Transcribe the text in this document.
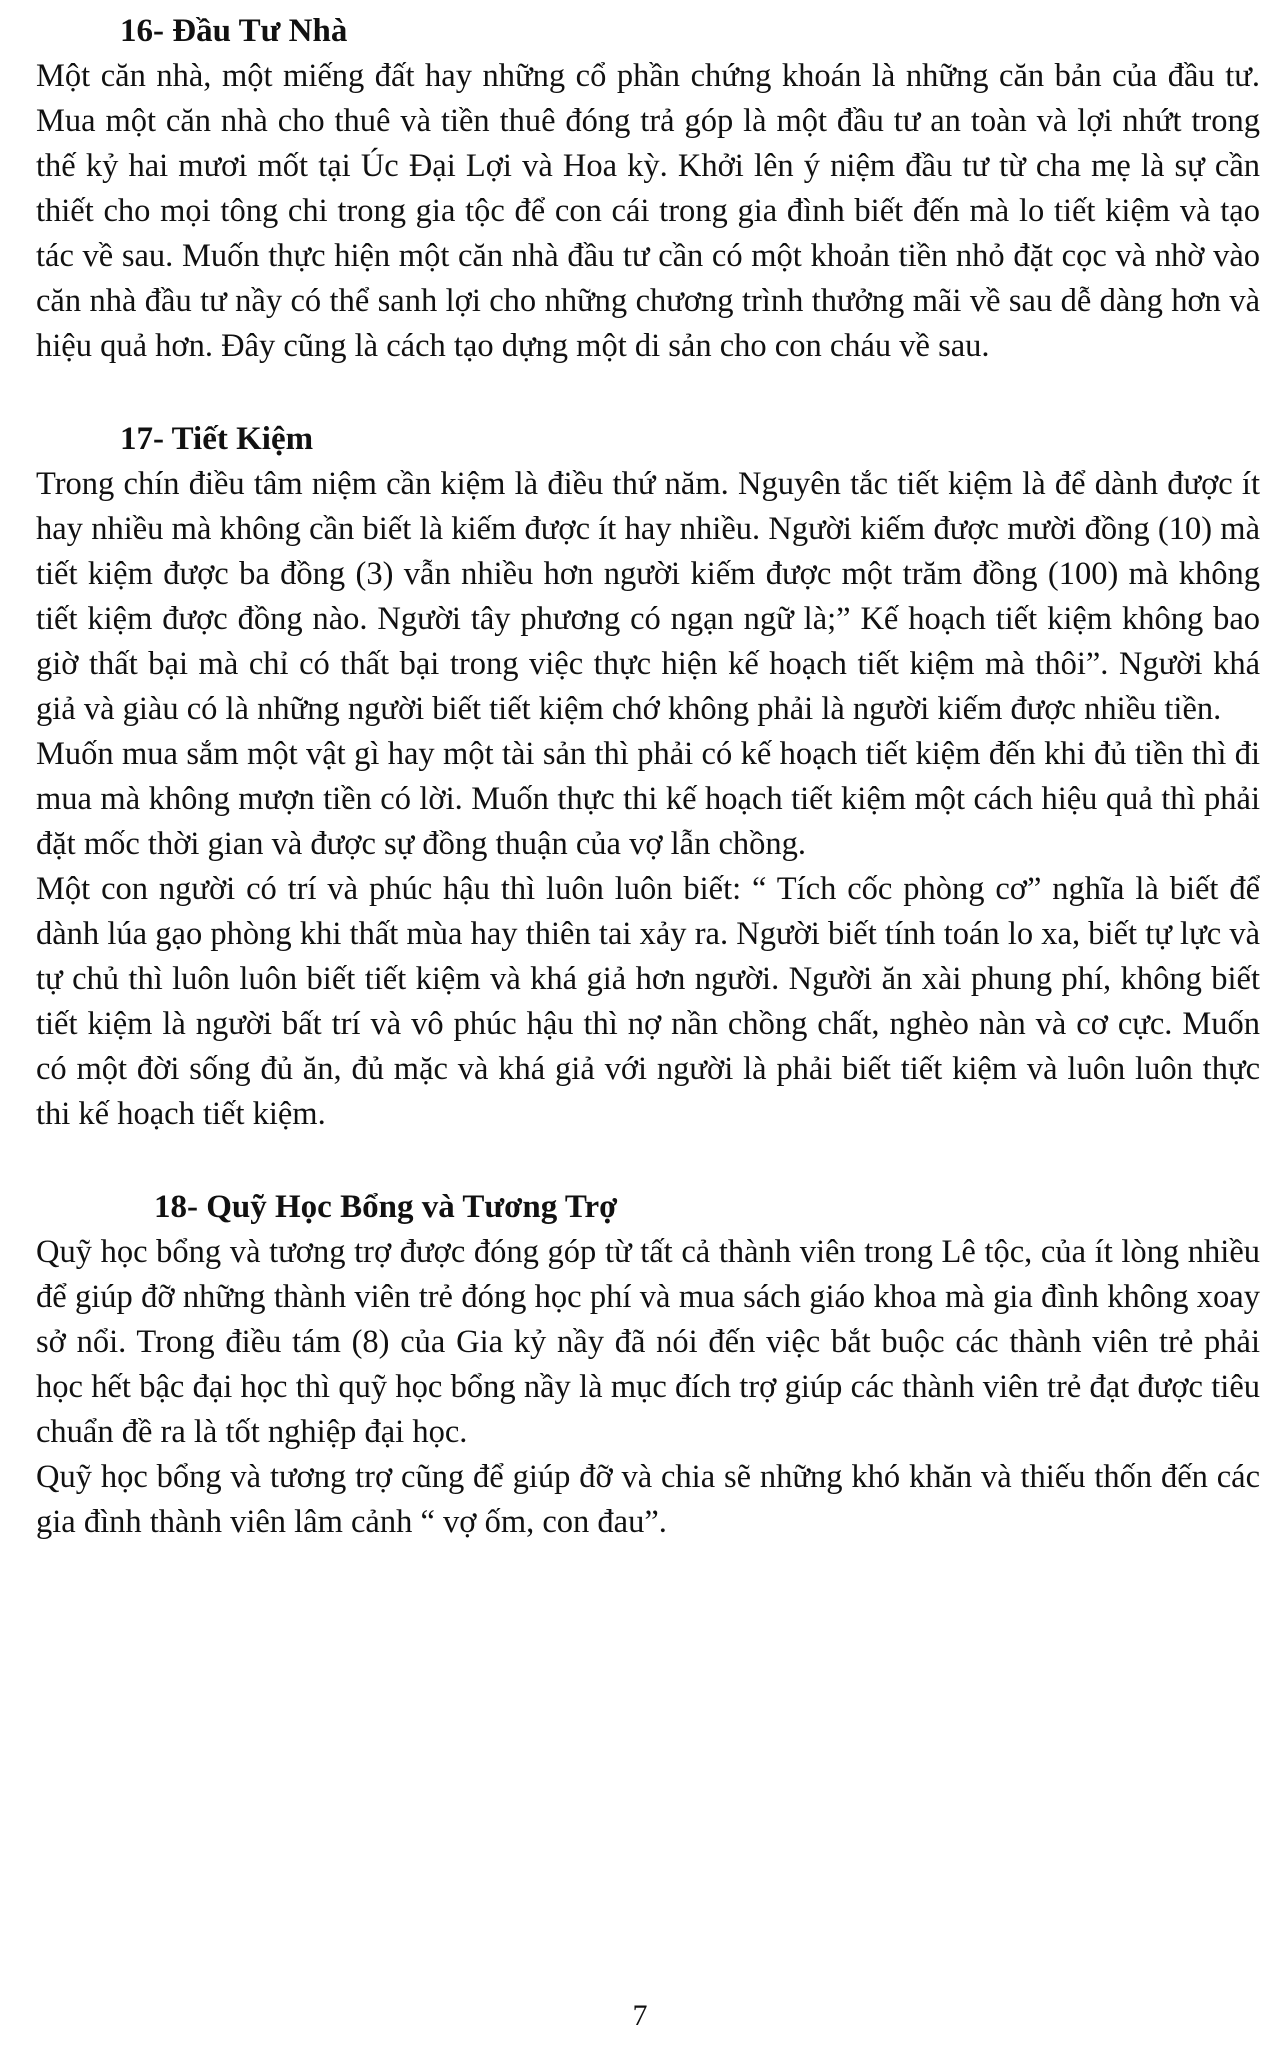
16- Đầu Tư Nhà

Một căn nhà, một miếng đất hay những cổ phần chứng khoán là những căn bản của đầu tư. Mua một căn nhà cho thuê và tiền thuê đóng trả góp là một đầu tư an toàn và lợi nhứt trong thế kỷ hai mươi mốt tại Úc Đại Lợi và Hoa kỳ. Khởi lên ý niệm đầu tư từ cha mẹ là sự cần thiết cho mọi tông chi trong gia tộc để con cái trong gia đình biết đến mà lo tiết kiệm và tạo tác về sau. Muốn thực hiện một căn nhà đầu tư cần có một khoản tiền nhỏ đặt cọc và nhờ vào căn nhà đầu tư nầy có thể sanh lợi cho những chương trình thưởng mãi về sau dễ dàng hơn và hiệu quả hơn. Đây cũng là cách tạo dựng một di sản cho con cháu về sau.

17- Tiết Kiệm

Trong chín điều tâm niệm cần kiệm là điều thứ năm. Nguyên tắc tiết kiệm là để dành được ít hay nhiều mà không cần biết là kiếm được ít hay nhiều. Người kiếm được mười đồng (10) mà tiết kiệm được ba đồng (3) vẫn nhiều hơn người kiếm được một trăm đồng (100) mà không tiết kiệm được đồng nào. Người tây phương có ngạn ngữ là;” Kế hoạch tiết kiệm không bao giờ thất bại mà chỉ có thất bại trong việc thực hiện kế hoạch tiết kiệm mà thôi”. Người khá giả và giàu có là những người biết tiết kiệm chớ không phải là người kiếm được nhiều tiền.

Muốn mua sắm một vật gì hay một tài sản thì phải có kế hoạch tiết kiệm đến khi đủ tiền thì đi mua mà không mượn tiền có lời. Muốn thực thi kế hoạch tiết kiệm một cách hiệu quả thì phải đặt mốc thời gian và được sự đồng thuận của vợ lẫn chồng.

Một con người có trí và phúc hậu thì luôn luôn biết: “ Tích cốc phòng cơ” nghĩa là biết để dành lúa gạo phòng khi thất mùa hay thiên tai xảy ra. Người biết tính toán lo xa, biết tự lực và tự chủ thì luôn luôn biết tiết kiệm và khá giả hơn người. Người ăn xài phung phí, không biết tiết kiệm là người bất trí và vô phúc hậu thì nợ nần chồng chất, nghèo nàn và cơ cực. Muốn có một đời sống đủ ăn, đủ mặc và khá giả với người là phải biết tiết kiệm và luôn luôn thực thi kế hoạch tiết kiệm.

18- Quỹ Học Bổng và Tương Trợ

Quỹ học bổng và tương trợ được đóng góp từ tất cả thành viên trong Lê tộc, của ít lòng nhiều để giúp đỡ những thành viên trẻ đóng học phí và mua sách giáo khoa mà gia đình không xoay sở nổi. Trong điều tám (8) của Gia kỷ nầy đã nói đến việc bắt buộc các thành viên trẻ phải học hết bậc đại học thì quỹ học bổng nầy là mục đích trợ giúp các thành viên trẻ đạt được tiêu chuẩn đề ra là tốt nghiệp đại học.

Quỹ học bổng và tương trợ cũng để giúp đỡ và chia sẽ những khó khăn và thiếu thốn đến các gia đình thành viên lâm cảnh “ vợ ốm, con đau”.

7
